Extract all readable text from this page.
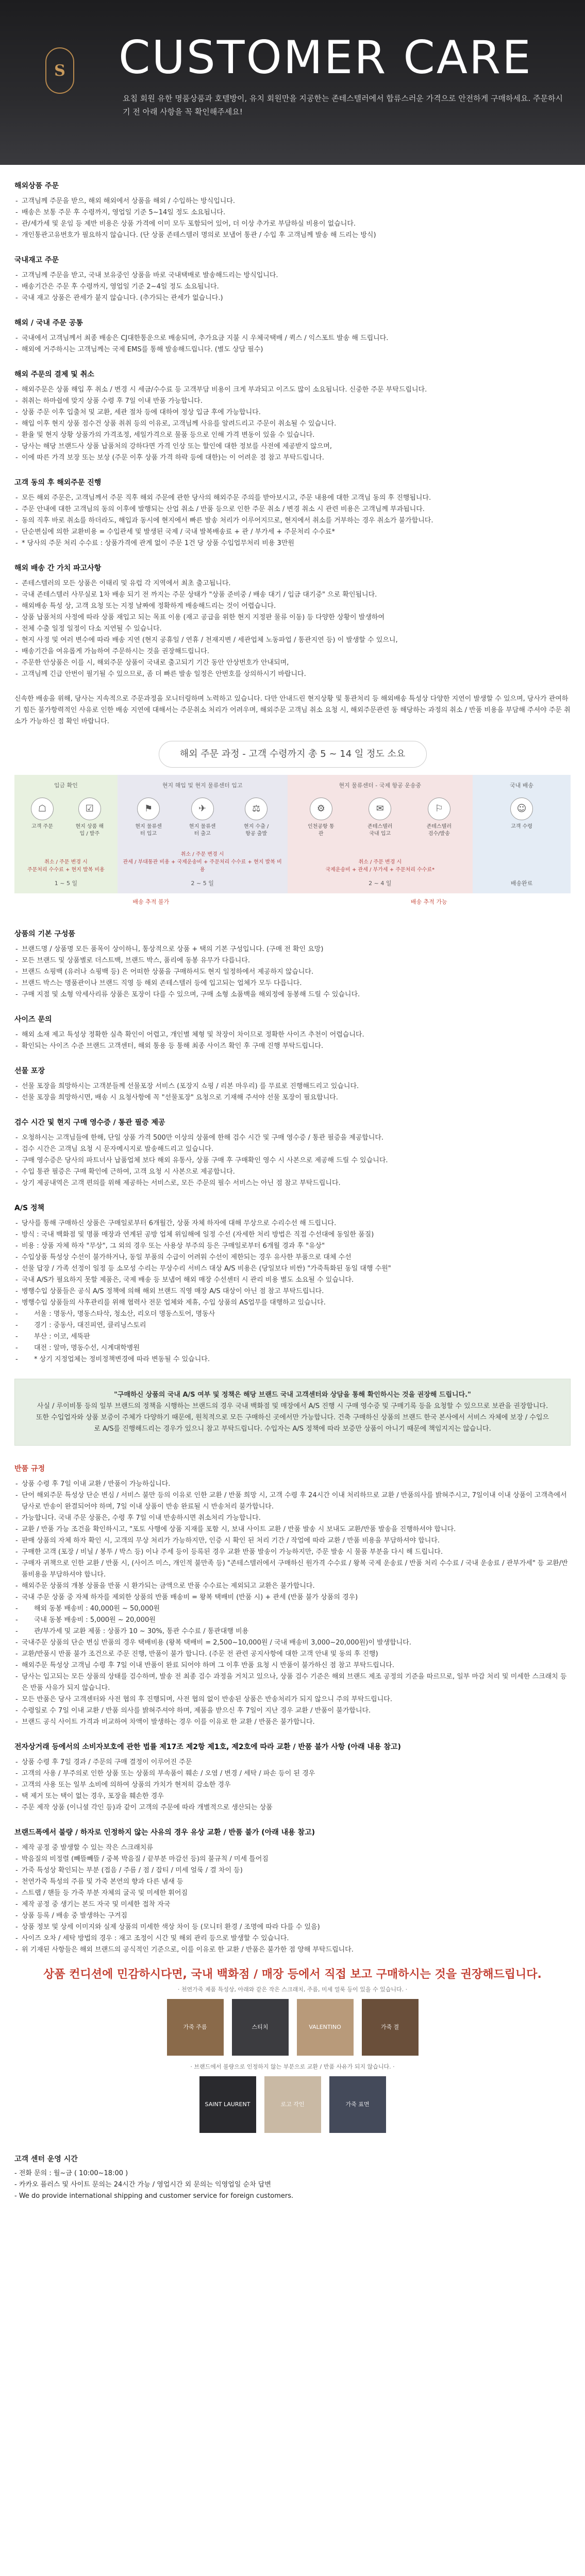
S CUSTOMER CARE
요칩 회원 유한 명품상품과 호텔방이, 유치 회원만을 지공한는 존테스텔러에서 합류스러운 가격으로 안전하게 구매하세요. 주문하시기 전 아래 사항을 꼭 확인해주세요!
해외상품 주문
- 고객님께 주문을 받으, 해외 해외에서 상품을 해외 / 수입하는 방식입니다.
- 배송은 보통 주문 후 수령까지, 영업일 기준 5~14일 정도 소요됩니다.
- 관/세가세 및 운임 등 제반 비용은 상품 가격에 이미 모두 포함되어 있어, 더 이상 추가로 부담하실 비용이 없습니다.
- 개인통관고유번호가 필요하지 않습니다. (단 상품 존테스텔러 명의로 보냅어 통관 / 수입 후 고객님께 발송 해 드리는 방식)
국내재고 주문
- 고객님께 주문을 받고, 국내 보유중인 상품을 바로 국내택배로 발송해드리는 방식입니다.
- 배송기간은 주문 후 수령까지, 영업일 기준 2~4일 정도 소요됩니다.
- 국내 재고 상품은 관세가 붙지 않습니다. (추가되는 관세가 없습니다.)
해외 / 국내 주문 공통
- 국내에서 고객님께서 최종 배송은 CJ대한통운으로 배송되며, 추가요금 지불 시 우체국택배 / 퀵스 / 익스포트 발송 해 드립니다.
- 해외에 거주하시는 고객님께는 국제 EMS를 통해 발송해드립니다. (별도 상담 필수)
해외 주문의 결제 및 취소
- 해외주문은 상품 해입 후 취소 / 변경 시 세금/수수료 등 고객부담 비용이 크게 부과되고 이즈도 많이 소요됩니다. 신중한 주문 부탁드립니다.
- 취취는 하마쉽에 맞지 상품 수령 후 7일 이내 반품 가능합니다.
- 상품 주문 이후 입출처 및 교환, 세관 절차 등에 대하여 정상 입금 후에 가능합니다.
- 해입 이후 현지 상품 점수건 상품 취취 등의 이유로, 고객님께 사유를 알려드리고 주문이 취소될 수 있습니다.
- 환율 및 현지 상황 상품가의 가격조정, 세일가격으로 물품 등으로 인해 가격 변동이 있을 수 있습니다.
- 당사는 해당 브랜드사 상품 납품처의 강하다면 가격 인상 또는 할인에 대한 정보를 사전에 제공받지 않으며,
- 이에 따른 가격 보장 또는 보상 (주문 이후 상품 가격 하락 등에 대한)는 이 어려운 점 참고 부탁드립니다.
고객 동의 후 해외주문 진행
- 모든 해외 주문은, 고객님께서 주문 직후 해외 주문에 관한 당사의 해외주문 주의를 받아보시고, 주문 내용에 대한 고객님 동의 후 진행됩니다.
- 주문 안내에 대한 고객님의 동의 이후에 발행되는 산업 취소 / 반품 등으로 인한 주문 취소 / 변경 취소 시 관련 비용은 고객님께 부과됩니다.
- 동의 직후 바로 취소를 하더라도, 해입과 동시에 현지에서 빠른 발송 처리가 이루어지므로, 현지에서 취소를 거부하는 경우 취소가 불가합니다.
- 단순변심에 의한 교환비용 = 수입관세 및 발생된 국제 / 국내 발복배송료 + 관 / 부가세 + 주문처리 수수료*
- * 당사의 주문 처리 수수료 : 상품가격에 관계 없이 주문 1건 당 상품 수입업무처리 비용 3만원
해외 배송 간 가치 파고사항
- 존테스텔러의 모든 상품은 이태리 및 유럽 각 지역에서 최초 출고됩니다.
- 국내 존테스텔러 사무실로 1차 배송 되기 전 까지는 주문 상태가 "상품 준비중 / 배송 대기 / 입금 대기중" 으로 확인됩니다.
- 해외배송 특성 상, 고객 요청 또는 지정 날짜에 정확하게 배송해드리는 것이 어렵습니다.
- 상품 납품처의 사정에 따라 상품 재입고 되는 목표 이용 (재고 공급을 위한 현지 지정판 물류 이동) 등 다양한 상황이 발생하여
- 전체 수출 일정 일정이 다소 지연될 수 있습니다.
- 현지 사정 및 여러 변수에 따라 배송 지연 (현지 공휴일 / 연휴 / 천재지변 / 세관업체 노동파업 / 통관지연 등) 이 발생할 수 있으니,
- 배송기간을 여유롭게 가늠하여 주문하시는 것을 권장해드립니다.
- 주문한 안상품은 이를 시, 해외주문 상품이 국내로 출고되기 기간 동안 안상번호가 안내되며,
- 고객님께 긴급 안번이 필기될 수 있으므로, 좀 더 빠른 발송 일정은 안번호를 상의하시기 바랍니다.

신속한 배송을 위해, 당사는 지속적으로 주문과정을 모니터링하며 노력하고 있습니다. 다만 안내드린 현지상황 및 통관처리 등 해외배송 특성상 다양한 지연이 발생할 수 있으며, 당사가 관여하기 힘든 불가항력적인 사유로 인한 배송 지연에 대해서는 주문취소 처리가 어려우며, 해외주문 고객님 취소 요청 시, 해외주문관련 동 해당하는 과정의 취소 / 반품 비용을 부담해 주셔야 주문 취소가 가능하신 점 확인 바랍니다.

해외 주문 과정 - 고객 수령까지 총 5 ~ 14 일 정도 소요
입금 확인
☖
고객 주문
☑
현지 상품 해입 / 발주
취소 / 주문 변경 시
주문처리 수수료 + 현지 발복 비용
1 ~ 5 일
현지 해입 및 현지 물류센터 입고
⚑
현지 물류센터 입고
✈
현지 물류센터 출고
⚖
현지 수출 / 항공 출발
취소 / 주문 변경 시
관세 / 부대통관 비용 + 국제운송비 + 주문처리 수수료 + 현지 발복 비용
2 ~ 5 일
현지 물류센터 - 국제 항공 운송중
⚙
인천공항 통관
✉
존테스텔러 국내 입고
⚐
존테스텔러 검수/발송
취소 / 주문 변경 시
국제운송비 + 관세 / 부가세 + 주문처리 수수료*
2 ~ 4 일
국내 배송
☺
고객 수령
배송완료
배송 추적 불가	배송 추적 가능
상품의 기본 구성품
- 브랜드명 / 상품명 모든 품목이 상이하니, 통상적으로 상품 + 택의 기본 구성입니다. (구매 전 확인 요망)
- 모든 브랜드 및 상품별로 더스트백, 브랜드 박스, 품리에 동봉 유무가 다릅니다.
- 브랜드 쇼핑백 (유러나 쇼핑백 등) 은 어떠한 상품을 구매하셔도 현지 일정하에서 제공하지 않습니다.
- 브랜드 박스는 명품관이나 브랜드 직영 등 해외 존테스텔러 등에 입고되는 업체가 모두 다릅니다.
- 구매 지점 및 소형 악세사리류 상품은 포장이 다를 수 있으며, 구매 소형 소품백을 해외정에 동봉해 드릴 수 있습니다.
사이즈 문의
- 해외 소재 제고 특성상 정확한 실측 확인이 어렵고, 개인별 체형 및 착장이 차이므로 정확한 사이즈 추천이 어렵습니다.
- 확인되는 사이즈 수준 브랜드 고객센터, 해외 통용 등 통해 최종 사이즈 확인 후 구매 진행 부탁드립니다.
선물 포장
- 선물 포장을 희망하시는 고객분들께 선물포장 서비스 (포장지 쇼핑 / 리본 마우리) 를 무료로 진행해드리고 있습니다.
- 선물 포장을 희망하시면, 배송 시 요청사항에 꼭 "선물포장" 요청으로 기재해 주셔야 선물 포장이 필요합니다.
검수 시간 및 현지 구매 영수증 / 통관 필증 제공
- 오청하시는 고객님들에 한해, 단일 상품 가격 500만 이상의 상품에 한해 검수 시간 및 구매 영수증 / 통관 필증을 제공합니다.
- 검수 시간은 고객님 요청 시 문자메시지로 발송해드리고 있습니다.
- 구매 영수증은 당사의 파트너사 납품업체 보다 해외 유통사, 상품 구매 후 구매확인 영수 시 사본으로 제공해 드릴 수 있습니다.
- 수입 통관 필증은 구매 확인에 근하여, 고객 요청 시 사본으로 제공합니다.
- 상기 제공내역은 고객 편의를 위해 제공하는 서비스로, 모든 주문의 필수 서비스는 아닌 점 참고 부탁드립니다.
A/S 정책
- 당사를 통해 구매하신 상품은 구매일로부터 6개월간, 상품 자체 하자에 대해 무상으로 수리수선 해 드립니다.
- 방식 : 국내 백화점 및 명품 매장과 연계된 공방 업체 위임해에 일정 수선 (자세한 처리 방법은 직접 수선대에 동일한 품질)
- 비용 : 상품 자체 하자 "무상", 그 외의 경우 또는 사용상 부주의 등은 구매일로부터 6개월 경과 후 "유상"
- 수입상품 특성상 수선이 불가하거나, 동일 부품의 수급이 어려워 수선이 제한되는 경우 유사한 부품으로 대체 수선
- 선물 답장 / 가족 선정이 일정 등 소모성 수리는 무상수리 서비스 대상 A/S 비용은 (당일보다 비싼) "가죽특화된 동일 대행 수원"
- 국내 A/S가 필요하지 못할 제품은, 국제 배송 등 보냅어 해외 매장 수선센터 시 관리 비용 별도 소요될 수 있습니다.
- 병행수입 상품들은 공식 A/S 정책에 의해 해외 브랜드 직영 매장 A/S 대상이 아닌 점 참고 부탁드립니다.
- 병행수입 상품들의 사후관리를 위해 협력사 전문 업체와 제휴, 수입 상품의 AS업무를 대행하고 있습니다.
- 서울 : 명동사, 명동스타삭, 청소산, 리오더 명동스토어, 명동사
- 경기 : 중동사, 대진피연, 클리닝스토리
- 부산 : 이코, 세뚝판
- 대전 : 알마, 명동수선, 시계대학병원
- * 상기 지정업체는 정비정책변경에 따라 변동될 수 있습니다.

"구매하신 상품의 국내 A/S 여부 및 정책은 해당 브랜드 국내 고객센터와 상담을 통해 확인하시는 것을 권장해 드립니다."

사실 / 루이비통 등의 일부 브랜드의 정책을 시행하는 브랜드의 경우 국내 백화점 및 매장에서 A/S 진행 시 구매 영수증 및 구매기록 등을 요청할 수 있으므로 보관을 권장합니다. 또한 수입업자와 상품 보증이 주체가 다양하기 때문에, 원칙적으로 모든 구매하신 곳에서만 가능합니다. 건축 구매하신 상품의 브랜드 한국 본사에서 서비스 자체에 보장 / 수입으로 A/S를 진행해드리는 경우가 있으니 참고 부탁드립니다. 수입자는 A/S 정책에 따라 보증만 상품이 아니기 때문에 책임지지는 않습니다.

반품 규정
- 상품 수령 후 7일 이내 교환 / 반품이 가능하십니다.
- 단어 해외주문 특성상 단순 변심 / 서비스 불만 등의 이유로 인한 교환 / 반품 희망 시, 고객 수령 후 24시간 이내 처리하므로 교환 / 반품의사를 밝혀주시고, 7일이내 이내 상품이 고객측에서 당사로 반송이 완결되어야 하며, 7일 이내 상품이 반송 완료될 시 반송처리 불가합니다.
- 가능합니다. 국내 주문 상품은, 수령 후 7일 이내 반송하시면 취소처리 가능합니다.
- 교환 / 반품 가능 조건을 확인하시고, "포토 사행에 상품 지재를 포함 시, 보내 사이트 교환 / 반품 발송 시 보내도 교환/반품 발송을 진행하셔야 합니다.
- 판매 상품의 자체 하자 확인 시, 고객의 무상 처리가 가능하지만, 인증 시 확인 된 처리 기간 / 작업에 따라 교환 / 반품 비용을 부담하셔야 합니다.
- 구매한 고객 (포장 / 비닐 / 봉투 / 박스 등) 이나 주세 등이 등록된 경우 교환 반품 발송이 가능하지만, 주문 발송 시 물품 부분을 다시 해 드립니다.
- 구매자 귀책으로 인한 교환 / 반품 시, (사이즈 미스, 개인적 불만족 등) "존테스텔러에서 구매하신 원가격 수수료 / 왕복 국제 운송료 / 반품 처리 수수료 / 국내 운송료 / 관부가세" 등 교환/반품비용을 부담하셔야 합니다.
- 해외주문 상품의 개봉 상품을 반품 시 환가되는 금액으로 반품 수수료는 제외되고 교환은 불가합니다.
- 국내 주문 상품 중 자체 하자를 제외한 상품의 반품 배송비 = 왕복 택배비 (반품 시) + 관세 (반품 불가 상품의 경우)
- 해외 동봉 배송비 : 40,000원 ~ 50,000원
- 국내 동봉 배송비 : 5,000원 ~ 20,000원
- 관/부가세 및 교환 제품 : 상품가 10 ~ 30%, 통관 수수료 / 통관대행 비용
- 국내주문 상품의 단순 변심 반품의 경우 택배비용 (왕복 택배비 = 2,500~10,000원 / 국내 배송비 3,000~20,000원)이 발생합니다.
- 교환/반품시 반품 불가 조건으로 주문 진행, 반품이 불가 합니다. (주문 전 관련 공지사항에 대한 고객 안내 및 동의 후 진행)
- 해외주문 특성상 고객님 수령 후 7일 이내 반품이 완료 되어야 하며 그 이후 반품 요청 시 반품이 불가하신 점 참고 부탁드립니다.
- 당사는 입고되는 모든 상품의 상태를 검수하며, 발송 전 최종 검수 과정을 거치고 있으나, 상품 검수 기준은 해외 브랜드 제조 공정의 기준을 따르므로, 일부 마감 처리 및 미세한 스크래치 등은 반품 사유가 되지 않습니다.
- 모든 반품은 당사 고객센터와 사전 협의 후 진행되며, 사전 협의 없이 반송된 상품은 반송처리가 되지 않으니 주의 부탁드립니다.
- 수령일로 수 7일 이내 교환 / 반품 의사를 밝혀주셔야 하며, 제품을 받으신 후 7일이 지난 경우 교환 / 반품이 불가합니다.
- 브랜드 공식 사이트 가격과 비교하여 차액이 발생하는 경우 이를 이유로 한 교환 / 반품은 불가합니다.
전자상거래 등에서의 소비자보호에 관한 법률 제17조 제2항 제1호, 제2호에 따라 교환 / 반품 불가 사항 (아래 내용 참고)
- 상품 수령 후 7일 경과 / 주문의 구매 결정이 이루어진 주문
- 고객의 사용 / 부주의로 인한 상품 또는 상품의 부속품이 훼손 / 오염 / 변경 / 세탁 / 파손 등이 된 경우
- 고객의 사용 또는 일부 소비에 의하여 상품의 가치가 현저히 감소한 경우
- 택 제거 또는 택이 없는 경우, 포장을 훼손한 경우
- 주문 제작 상품 (이니셜 각인 등)과 같이 고객의 주문에 따라 개별적으로 생산되는 상품
브랜드폭에서 불량 / 하자로 인정하지 않는 사유의 경우 유상 교환 / 반품 불가 (아래 내용 참고)
- 제작 공정 중 발생할 수 있는 작은 스크래치류
- 박음질의 비정렬 (빼뜰빼뜰 / 중복 박음질 / 끝부분 마감선 등)의 불규칙 / 미세 틀어짐
- 가죽 특성상 확인되는 부분 (접음 / 주름 / 점 / 잡티 / 미세 얼룩 / 결 차이 등)
- 천연가죽 특성의 주름 및 가죽 본연의 향과 다른 냄새 등
- 스트랩 / 핸들 등 가죽 부분 자체의 굴곡 및 미세한 휘어짐
- 제작 공정 중 생기는 본드 자국 및 미세한 접착 자국
- 상품 등록 / 배송 중 발생하는 구겨짐
- 상품 정보 및 상세 이미지와 실제 상품의 미세한 색상 차이 등 (모니터 환경 / 조명에 따라 다를 수 있음)
- 사이즈 오차 / 세탁 방법의 경우 : 재고 조정이 시간 및 해외 관리 등으로 발생할 수 있습니다.
- 위 기재된 사항들은 해외 브랜드의 공식적인 기준으로, 이를 이유로 한 교환 / 반품은 불가한 점 양해 부탁드립니다.
상품 컨디션에 민감하시다면, 국내 백화점 / 매장 등에서 직접 보고 구매하시는 것을 권장해드립니다.
· 천연가죽 제품 특성상, 아래와 같은 작은 스크래치, 주름, 미세 얼룩 등이 있을 수 있습니다. ·
가죽 주름	스티치	VALENTINO	가죽 결
· 브랜드에서 불량으로 인정하지 않는 부분으로 교환 / 반품 사유가 되지 않습니다. ·
SAINT LAURENT	로고 각인	가죽 표면
고객 센터 운영 시간
- 전화 문의 : 월~금 ( 10:00~18:00 )
- 카카오 플러스 및 사이트 문의는 24시간 가능 / 영업시간 외 문의는 익영업일 순차 답변
- We do provide international shipping and customer service for foreign customers.
